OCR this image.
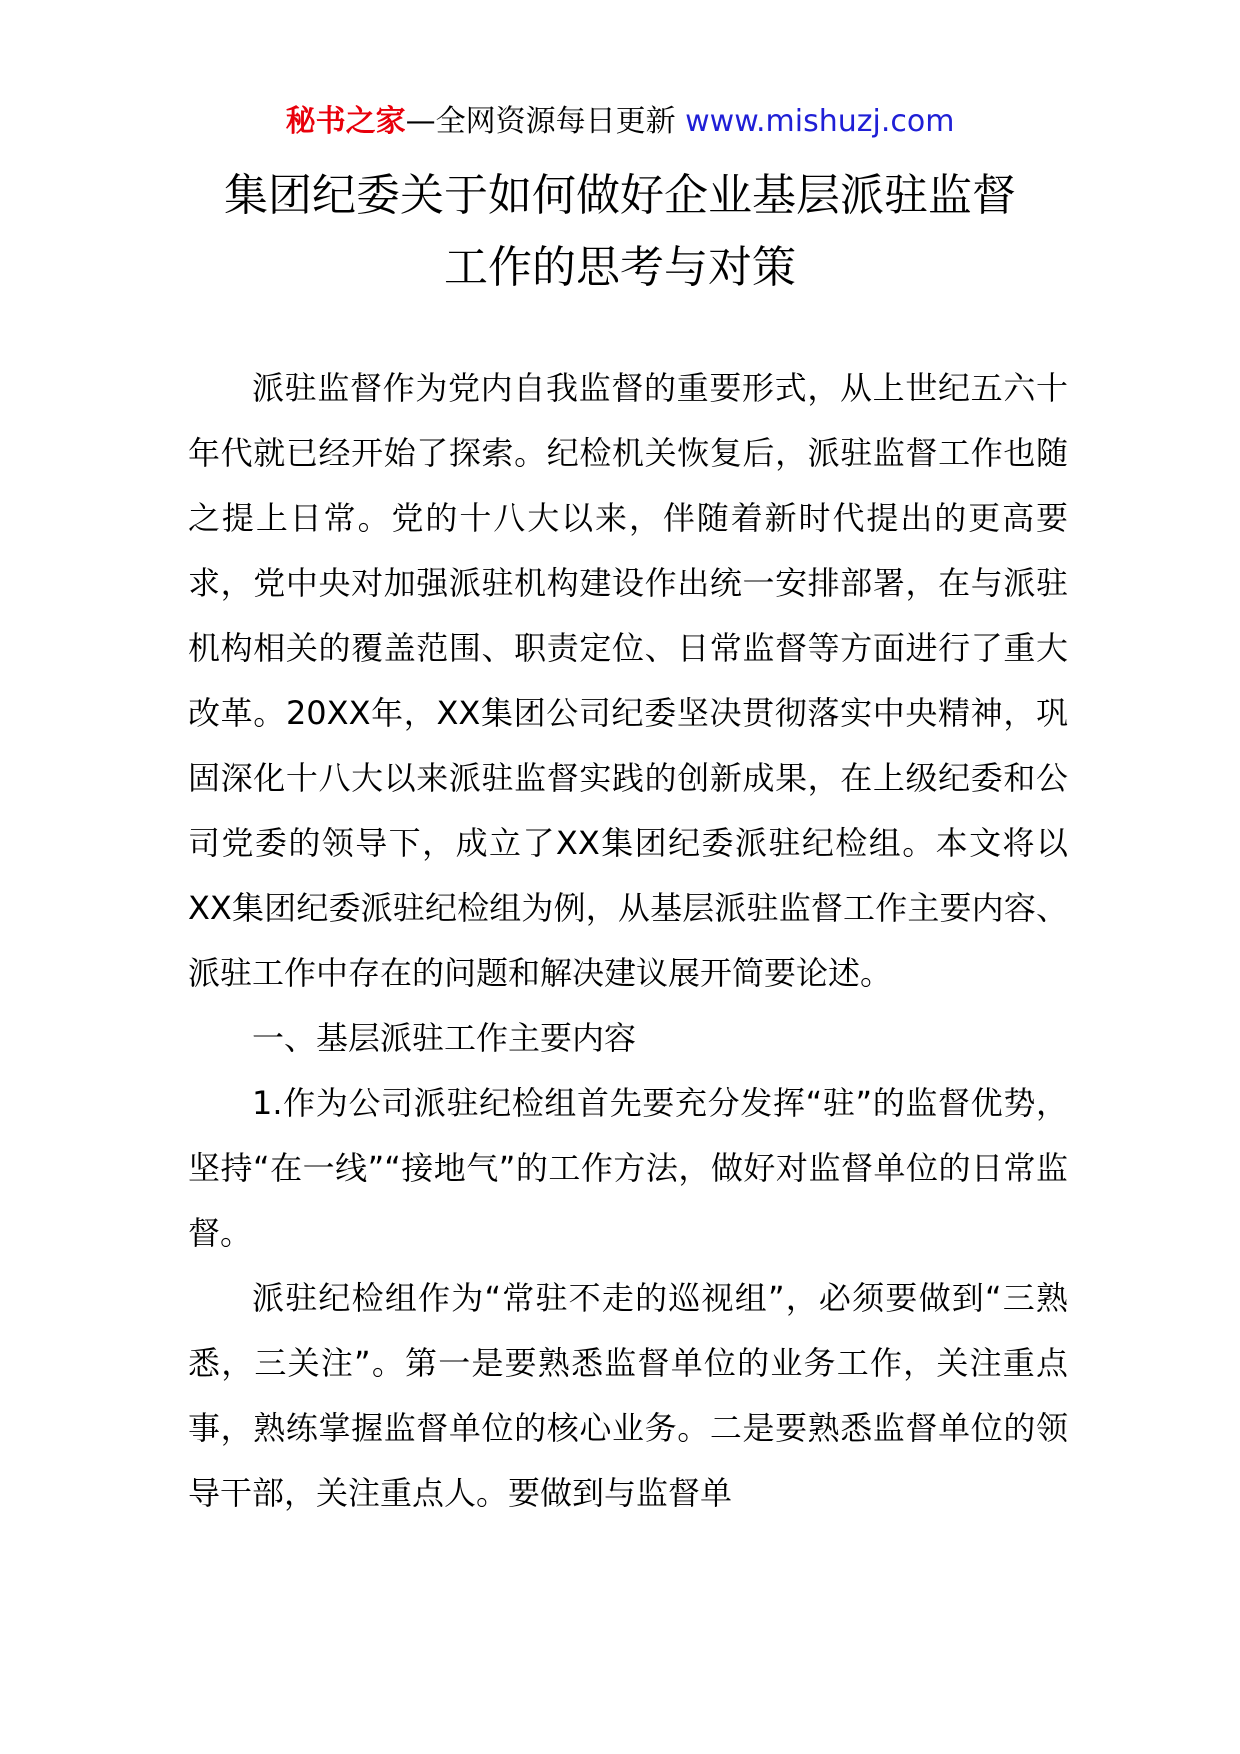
秘书之家—全网资源每日更新 www.mishuzj.com
集团纪委关于如何做好企业基层派驻监督
工作的思考与对策

派驻监督作为党内自我监督的重要形式，从上世纪五六十年代就已经开始了探索。纪检机关恢复后，派驻监督工作也随之提上日常。党的十八大以来，伴随着新时代提出的更高要求，党中央对加强派驻机构建设作出统一安排部署，在与派驻机构相关的覆盖范围、职责定位、日常监督等方面进行了重大改革。20XX年，XX集团公司纪委坚决贯彻落实中央精神，巩固深化十八大以来派驻监督实践的创新成果，在上级纪委和公司党委的领导下，成立了XX集团纪委派驻纪检组。本文将以XX集团纪委派驻纪检组为例，从基层派驻监督工作主要内容、派驻工作中存在的问题和解决建议展开简要论述。

一、基层派驻工作主要内容

1.作为公司派驻纪检组首先要充分发挥“驻”的监督优势，坚持“在一线”“接地气”的工作方法，做好对监督单位的日常监督。

派驻纪检组作为“常驻不走的巡视组”，必须要做到“三熟悉，三关注”。第一是要熟悉监督单位的业务工作，关注重点事，熟练掌握监督单位的核心业务。二是要熟悉监督单位的领导干部，关注重点人。要做到与监督单
